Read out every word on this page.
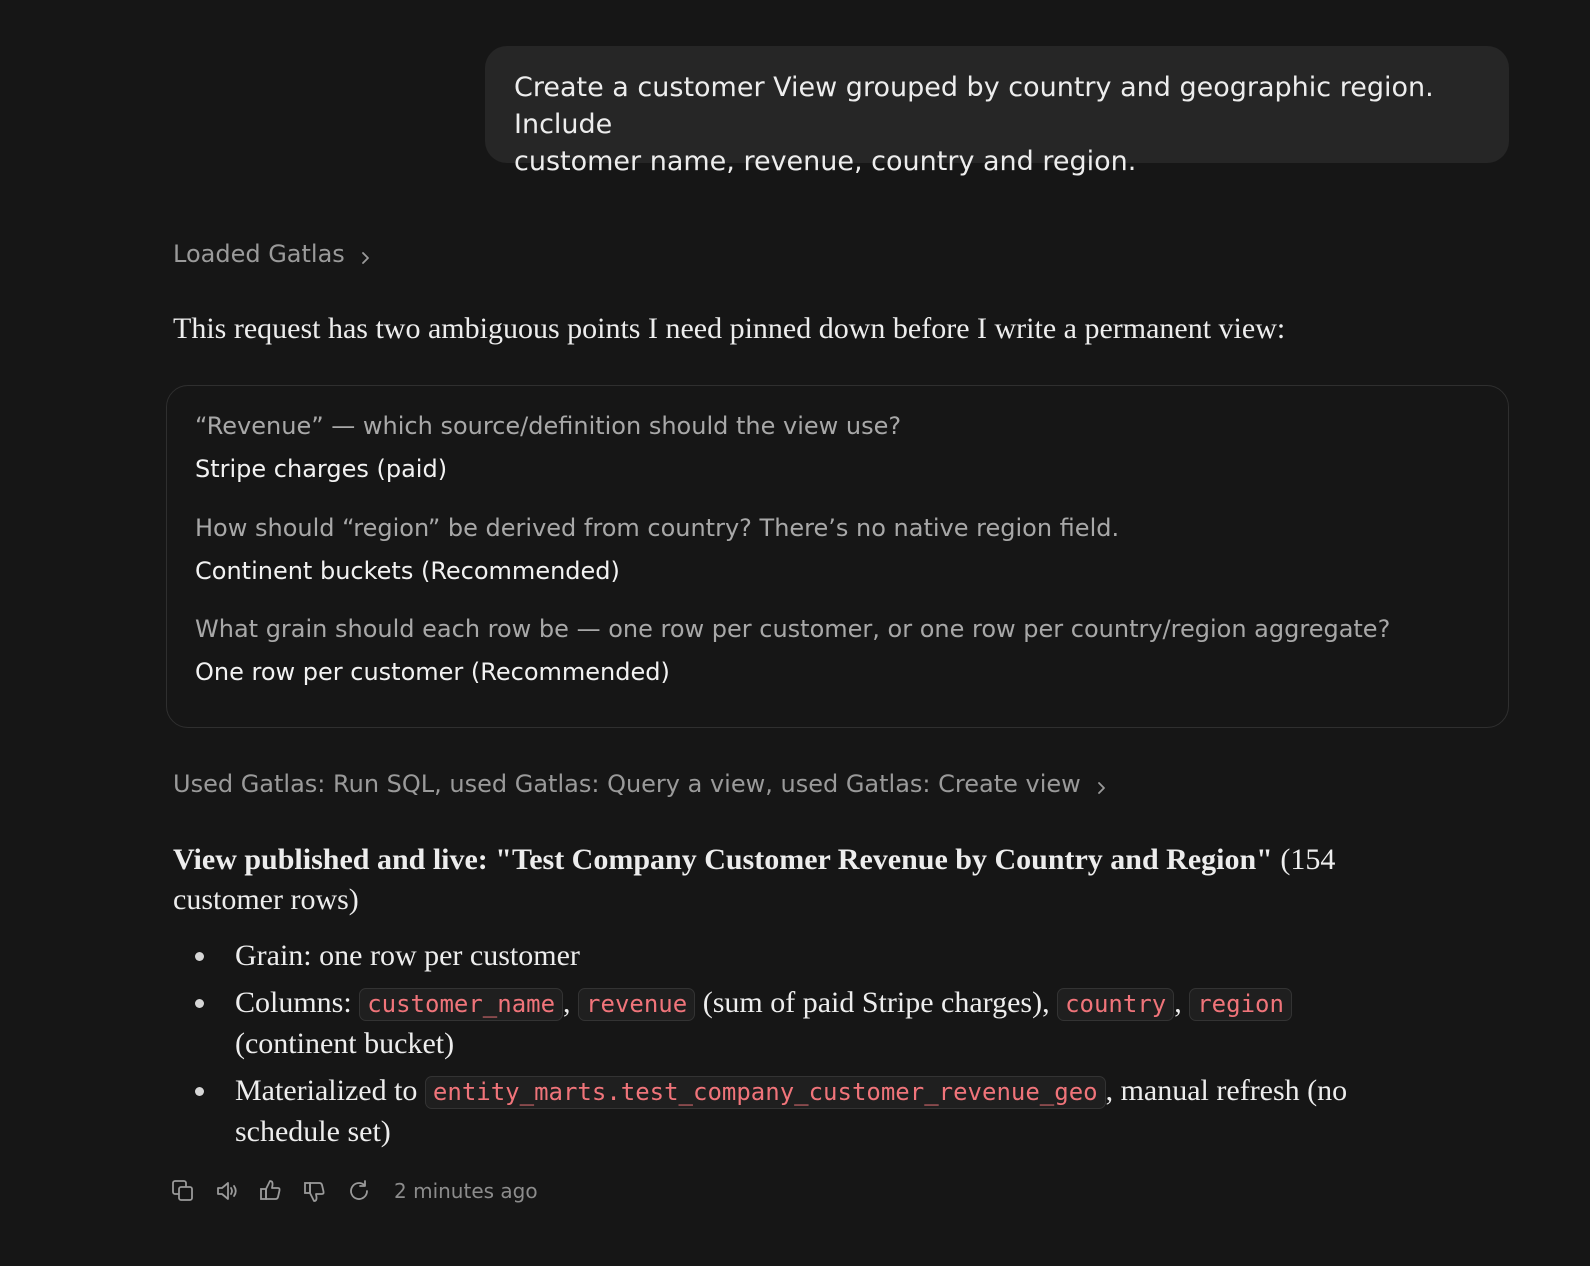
Create a customer View grouped by country and geographic region. Include
customer name, revenue, country and region.
Loaded Gatlas
This request has two ambiguous points I need pinned down before I write a permanent view:
“Revenue” — which source/definition should the view use?
Stripe charges (paid)
How should “region” be derived from country? There’s no native region field.
Continent buckets (Recommended)
What grain should each row be — one row per customer, or one row per country/region aggregate?
One row per customer (Recommended)
Used Gatlas: Run SQL, used Gatlas: Query a view, used Gatlas: Create view
View published and live: "Test Company Customer Revenue by Country and Region" (154
customer rows)
Grain: one row per customer
Columns: customer_name , revenue (sum of paid Stripe charges), country , region
(continent bucket)
Materialized to entity_marts.test_company_customer_revenue_geo , manual refresh (no
schedule set)
2 minutes ago
